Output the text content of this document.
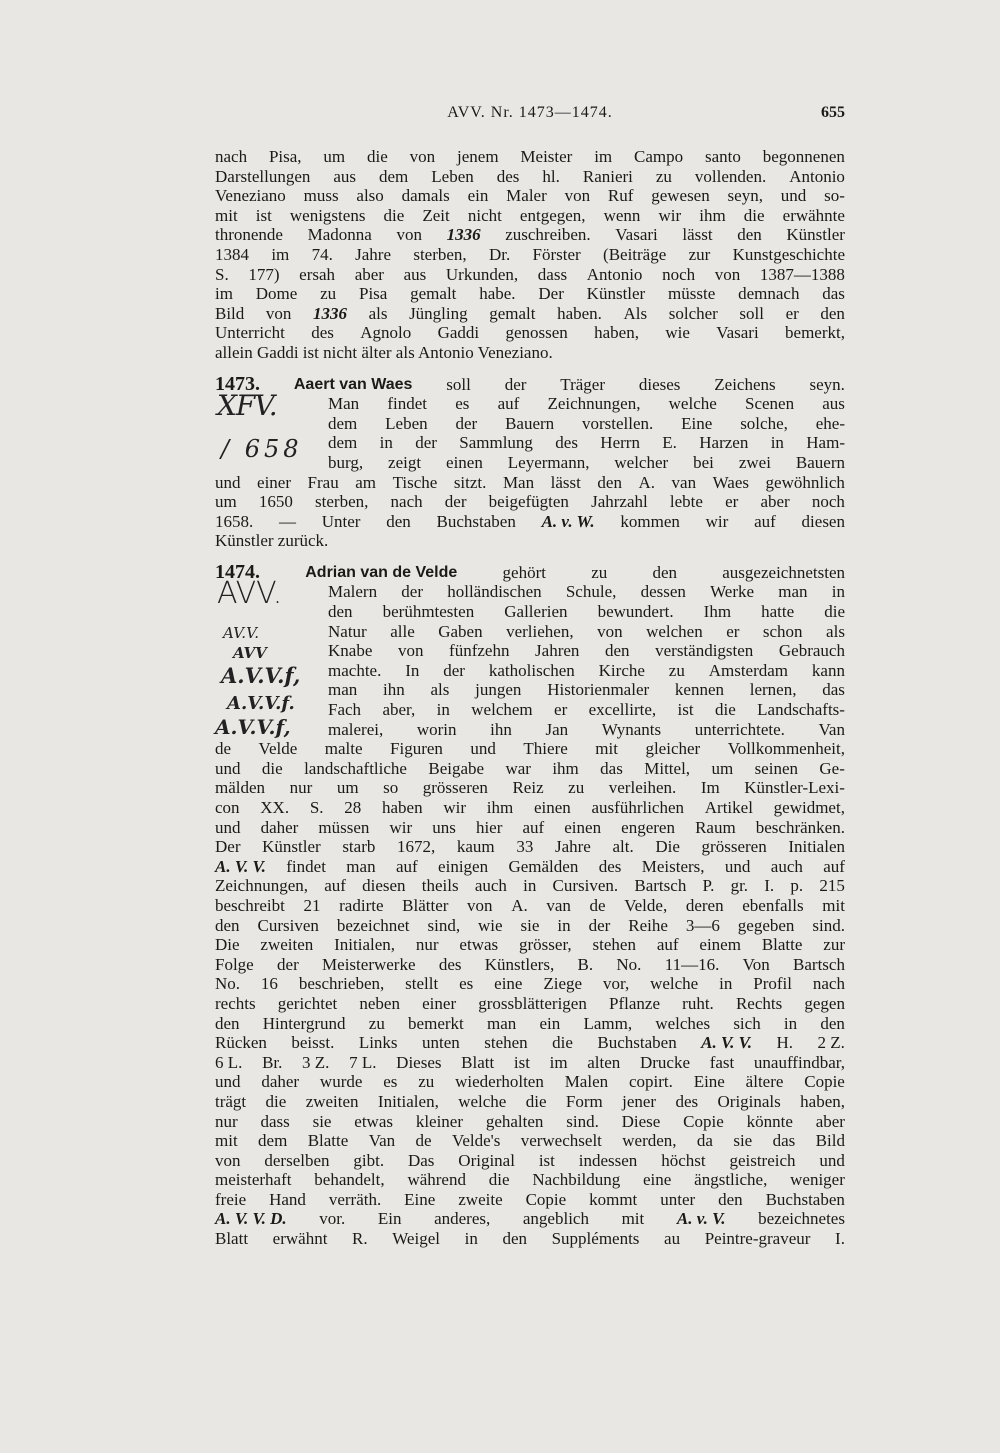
AVV. Nr. 1473—1474.	655
nach Pisa, um die von jenem Meister im Campo santo begonnenen
Darstellungen aus dem Leben des hl. Ranieri zu vollenden. Antonio
Veneziano muss also damals ein Maler von Ruf gewesen seyn, und so-
mit ist wenigstens die Zeit nicht entgegen, wenn wir ihm die erwähnte
thronende Madonna von 1336 zuschreiben. Vasari lässt den Künstler
1384 im 74. Jahre sterben, Dr. Förster (Beiträge zur Kunstgeschichte
S. 177) ersah aber aus Urkunden, dass Antonio noch von 1387—1388
im Dome zu Pisa gemalt habe. Der Künstler müsste demnach das
Bild von 1336 als Jüngling gemalt haben. Als solcher soll er den
Unterricht des Agnolo Gaddi genossen haben, wie Vasari bemerkt,
allein Gaddi ist nicht älter als Antonio Veneziano.
1473. Aaert van Waes soll der Träger dieses Zeichens seyn.
XFV.
/ 658
Man findet es auf Zeichnungen, welche Scenen aus
dem Leben der Bauern vorstellen. Eine solche, ehe-
dem in der Sammlung des Herrn E. Harzen in Ham-
burg, zeigt einen Leyermann, welcher bei zwei Bauern
und einer Frau am Tische sitzt. Man lässt den A. van Waes gewöhnlich
um 1650 sterben, nach der beigefügten Jahrzahl lebte er aber noch
1658. — Unter den Buchstaben A. v. W. kommen wir auf diesen
Künstler zurück.
1474.	Adrian van de Velde	gehört	zu	den	ausgezeichnetsten
AVV.
AV.V.
AVV
A.V.V.f,
A.V.V.f.
A.V.V.f,
Malern der holländischen Schule, dessen Werke man in
den berühmtesten Gallerien bewundert. Ihm hatte die
Natur alle Gaben verliehen, von welchen er schon als
Knabe von fünfzehn Jahren den verständigsten Gebrauch
machte. In der katholischen Kirche zu Amsterdam kann
man ihn als jungen Historienmaler kennen lernen, das
Fach aber, in welchem er excellirte, ist die Landschafts-
malerei, worin ihn Jan Wynants unterrichtete. Van
de Velde malte Figuren und Thiere mit gleicher Vollkommenheit,
und die landschaftliche Beigabe war ihm das Mittel, um seinen Ge-
mälden nur um so grösseren Reiz zu verleihen. Im Künstler-Lexi-
con XX. S. 28 haben wir ihm einen ausführlichen Artikel gewidmet,
und daher müssen wir uns hier auf einen engeren Raum beschränken.
Der Künstler starb 1672, kaum 33 Jahre alt. Die grösseren Initialen
A. V. V. findet man auf einigen Gemälden des Meisters, und auch auf
Zeichnungen, auf diesen theils auch in Cursiven. Bartsch P. gr. I. p. 215
beschreibt 21 radirte Blätter von A. van de Velde, deren ebenfalls mit
den Cursiven bezeichnet sind, wie sie in der Reihe 3—6 gegeben sind.
Die zweiten Initialen, nur etwas grösser, stehen auf einem Blatte zur
Folge der Meisterwerke des Künstlers, B. No. 11—16. Von Bartsch
No. 16 beschrieben, stellt es eine Ziege vor, welche in Profil nach
rechts gerichtet neben einer grossblätterigen Pflanze ruht. Rechts gegen
den Hintergrund zu bemerkt man ein Lamm, welches sich in den
Rücken beisst. Links unten stehen die Buchstaben A. V. V. H. 2 Z.
6 L. Br. 3 Z. 7 L. Dieses Blatt ist im alten Drucke fast unauffindbar,
und daher wurde es zu wiederholten Malen copirt. Eine ältere Copie
trägt die zweiten Initialen, welche die Form jener des Originals haben,
nur dass sie etwas kleiner gehalten sind. Diese Copie könnte aber
mit dem Blatte Van de Velde's verwechselt werden, da sie das Bild
von derselben gibt. Das Original ist indessen höchst geistreich und
meisterhaft behandelt, während die Nachbildung eine ängstliche, weniger
freie Hand verräth. Eine zweite Copie kommt unter den Buchstaben
A. V. V. D. vor. Ein anderes, angeblich mit A. v. V. bezeichnetes
Blatt erwähnt R. Weigel in den Suppléments au Peintre-graveur I.
